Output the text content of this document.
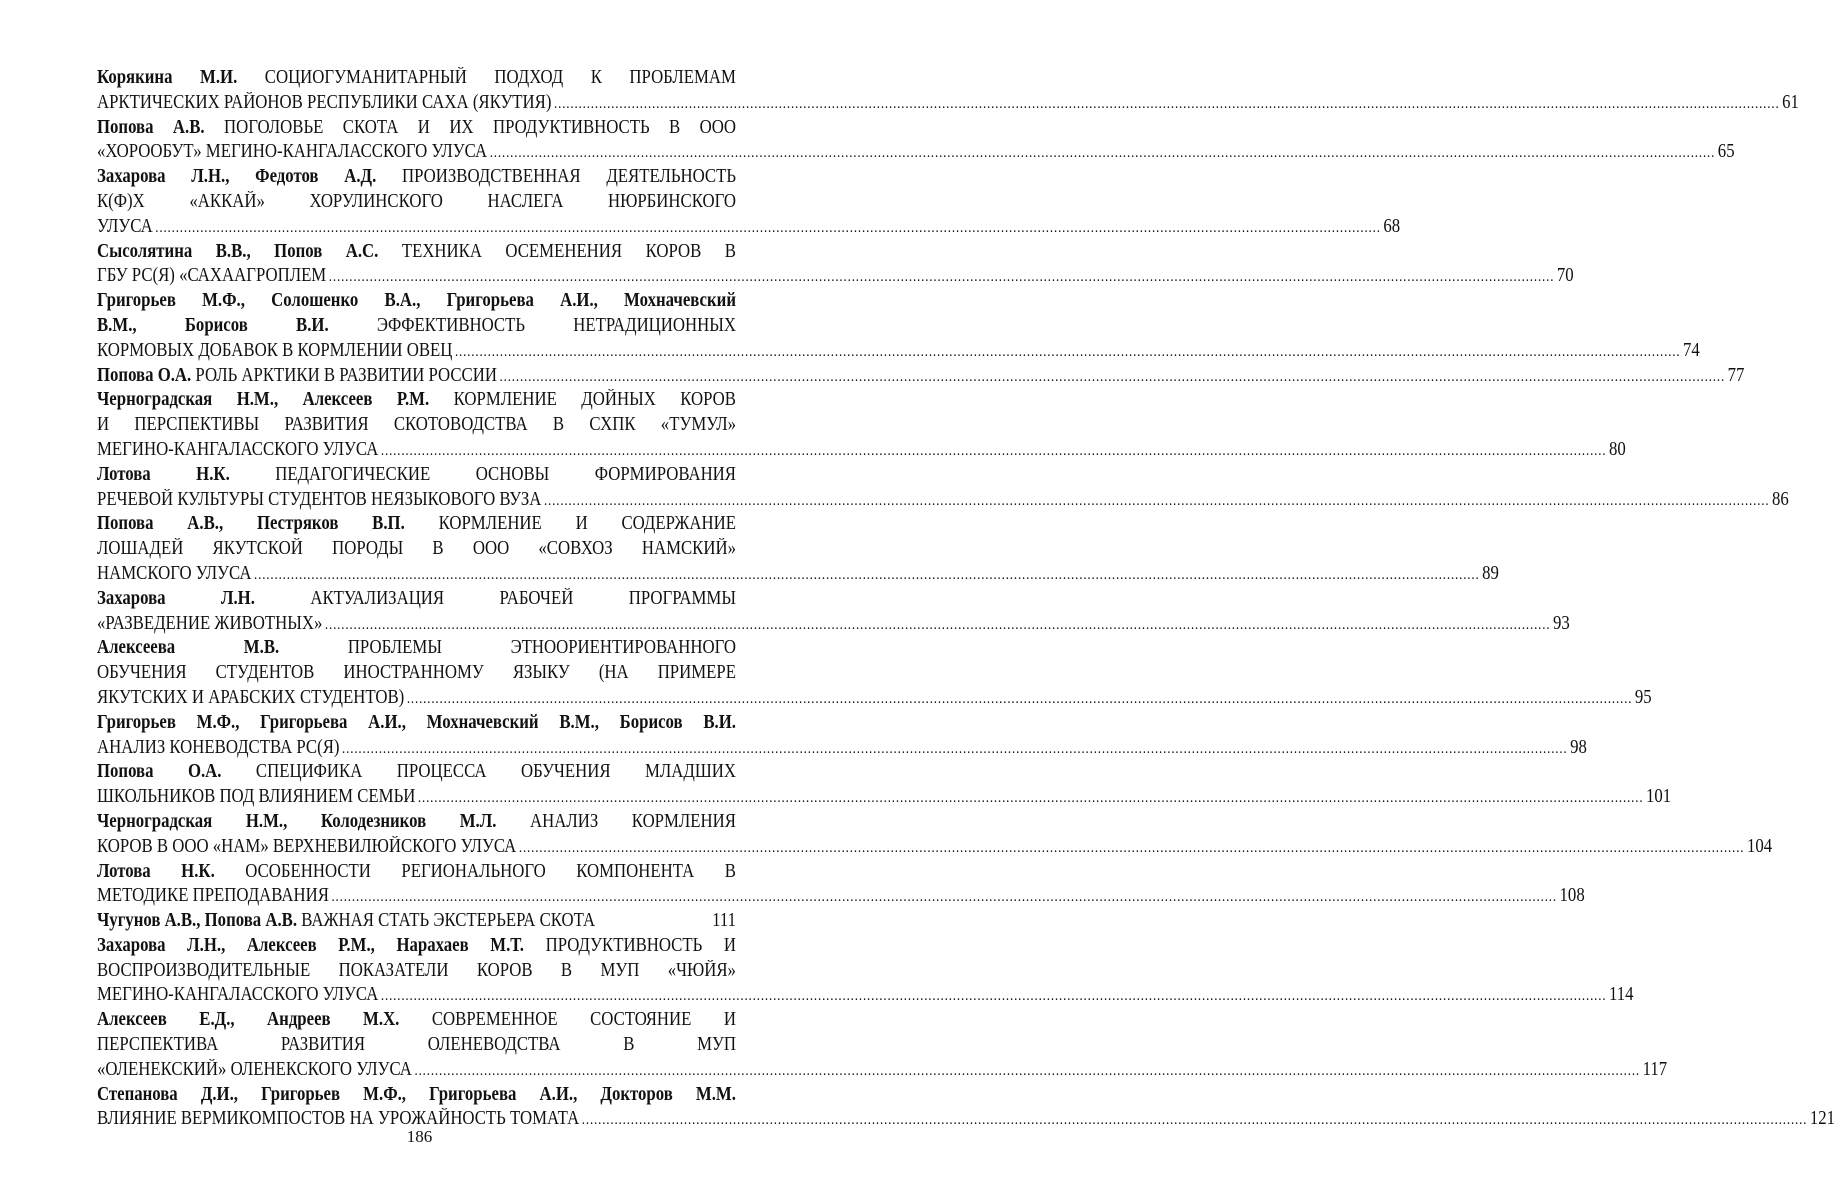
Корякина М.И. СОЦИОГУМАНИТАРНЫЙ ПОДХОД К ПРОБЛЕМАМ
АРКТИЧЕСКИХ РАЙОНОВ РЕСПУБЛИКИ САХА (ЯКУТИЯ) ............................................................................................................................................................................................................................................................................................................ 61
Попова А.В. ПОГОЛОВЬЕ СКОТА И ИХ ПРОДУКТИВНОСТЬ В ООО
«ХОРООБУТ» МЕГИНО-КАНГАЛАССКОГО УЛУСА ............................................................................................................................................................................................................................................................................................................ 65
Захарова Л.Н., Федотов А.Д. ПРОИЗВОДСТВЕННАЯ ДЕЯТЕЛЬНОСТЬ
К(Ф)Х «АККАЙ» ХОРУЛИНСКОГО НАСЛЕГА НЮРБИНСКОГО
УЛУСА ............................................................................................................................................................................................................................................................................................................ 68
Сысолятина В.В., Попов А.С. ТЕХНИКА ОСЕМЕНЕНИЯ КОРОВ В
ГБУ РС(Я) «САХААГРОПЛЕМ ............................................................................................................................................................................................................................................................................................................ 70
Григорьев М.Ф., Солошенко В.А., Григорьева А.И., Мохначевский
В.М., Борисов В.И. ЭФФЕКТИВНОСТЬ НЕТРАДИЦИОННЫХ
КОРМОВЫХ ДОБАВОК В КОРМЛЕНИИ ОВЕЦ ............................................................................................................................................................................................................................................................................................................ 74
Попова О.А. РОЛЬ АРКТИКИ В РАЗВИТИИ РОССИИ ............................................................................................................................................................................................................................................................................................................ 77
Черноградская Н.М., Алексеев Р.М. КОРМЛЕНИЕ ДОЙНЫХ КОРОВ
И ПЕРСПЕКТИВЫ РАЗВИТИЯ СКОТОВОДСТВА В СХПК «ТУМУЛ»
МЕГИНО-КАНГАЛАССКОГО УЛУСА ............................................................................................................................................................................................................................................................................................................ 80
Лотова Н.К. ПЕДАГОГИЧЕСКИЕ ОСНОВЫ ФОРМИРОВАНИЯ
РЕЧЕВОЙ КУЛЬТУРЫ СТУДЕНТОВ НЕЯЗЫКОВОГО ВУЗА ............................................................................................................................................................................................................................................................................................................ 86
Попова А.В., Пестряков В.П. КОРМЛЕНИЕ И СОДЕРЖАНИЕ
ЛОШАДЕЙ ЯКУТСКОЙ ПОРОДЫ В ООО «СОВХОЗ НАМСКИЙ»
НАМСКОГО УЛУСА ............................................................................................................................................................................................................................................................................................................ 89
Захарова	Л.Н.	АКТУАЛИЗАЦИЯ	РАБОЧЕЙ	ПРОГРАММЫ
«РАЗВЕДЕНИЕ ЖИВОТНЫХ» ............................................................................................................................................................................................................................................................................................................ 93
Алексеева	М.В.	ПРОБЛЕМЫ	ЭТНООРИЕНТИРОВАННОГО
ОБУЧЕНИЯ СТУДЕНТОВ ИНОСТРАННОМУ ЯЗЫКУ (НА ПРИМЕРЕ
ЯКУТСКИХ И АРАБСКИХ СТУДЕНТОВ) ............................................................................................................................................................................................................................................................................................................ 95
Григорьев М.Ф., Григорьева А.И., Мохначевский В.М., Борисов В.И.
АНАЛИЗ КОНЕВОДСТВА РС(Я) ............................................................................................................................................................................................................................................................................................................ 98
Попова О.А. СПЕЦИФИКА ПРОЦЕССА ОБУЧЕНИЯ МЛАДШИХ
ШКОЛЬНИКОВ ПОД ВЛИЯНИЕМ СЕМЬИ ............................................................................................................................................................................................................................................................................................................ 101
Черноградская Н.М., Колодезников М.Л. АНАЛИЗ КОРМЛЕНИЯ
КОРОВ В ООО «НАМ» ВЕРХНЕВИЛЮЙСКОГО УЛУСА ............................................................................................................................................................................................................................................................................................................ 104
Лотова Н.К. ОСОБЕННОСТИ РЕГИОНАЛЬНОГО КОМПОНЕНТА В
МЕТОДИКЕ ПРЕПОДАВАНИЯ ............................................................................................................................................................................................................................................................................................................ 108
Чугунов А.В., Попова А.В. ВАЖНАЯ СТАТЬ ЭКСТЕРЬЕРА СКОТА	111
Захарова Л.Н., Алексеев Р.М., Нарахаев М.Т. ПРОДУКТИВНОСТЬ И
ВОСПРОИЗВОДИТЕЛЬНЫЕ ПОКАЗАТЕЛИ КОРОВ В МУП «ЧЮЙЯ»
МЕГИНО-КАНГАЛАССКОГО УЛУСА ............................................................................................................................................................................................................................................................................................................ 114
Алексеев Е.Д., Андреев М.Х. СОВРЕМЕННОЕ СОСТОЯНИЕ И
ПЕРСПЕКТИВА	РАЗВИТИЯ	ОЛЕНЕВОДСТВА	В	МУП
«ОЛЕНЕКСКИЙ» ОЛЕНЕКСКОГО УЛУСА ............................................................................................................................................................................................................................................................................................................ 117
Степанова Д.И., Григорьев М.Ф., Григорьева А.И., Докторов М.М.
ВЛИЯНИЕ ВЕРМИКОМПОСТОВ НА УРОЖАЙНОСТЬ ТОМАТА ............................................................................................................................................................................................................................................................................................................ 121
186
